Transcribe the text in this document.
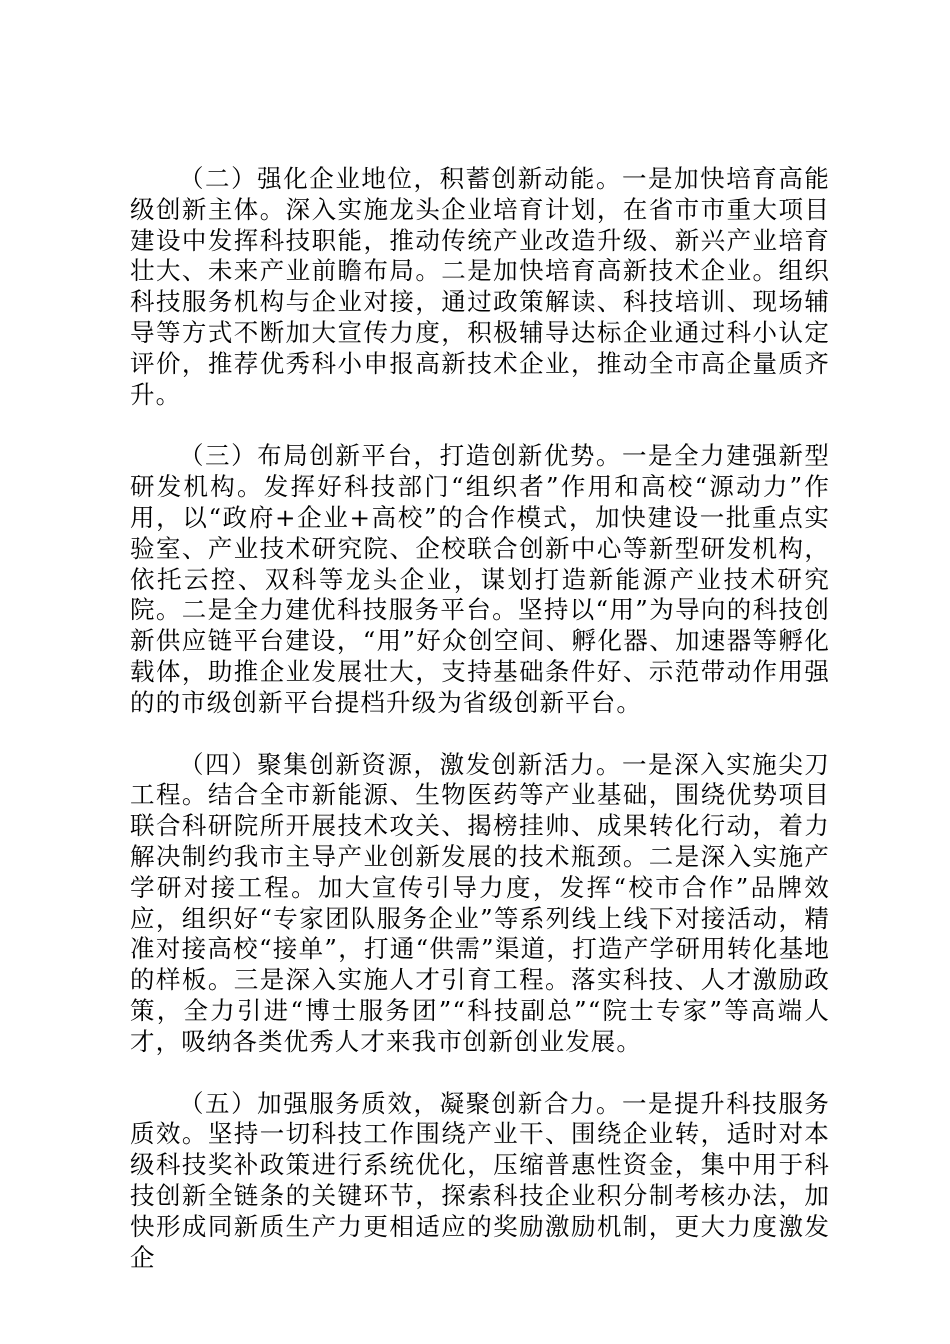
（二）强化企业地位，积蓄创新动能。一是加快培育高能级创新主体。深入实施龙头企业培育计划，在省市市重大项目建设中发挥科技职能，推动传统产业改造升级、新兴产业培育壮大、未来产业前瞻布局。二是加快培育高新技术企业。组织科技服务机构与企业对接，通过政策解读、科技培训、现场辅导等方式不断加大宣传力度，积极辅导达标企业通过科小认定评价，推荐优秀科小申报高新技术企业，推动全市高企量质齐升。

（三）布局创新平台，打造创新优势。一是全力建强新型研发机构。发挥好科技部门“组织者”作用和高校“源动力”作用，以“政府+企业+高校”的合作模式，加快建设一批重点实验室、产业技术研究院、企校联合创新中心等新型研发机构，依托云控、双科等龙头企业，谋划打造新能源产业技术研究院。二是全力建优科技服务平台。坚持以“用”为导向的科技创新供应链平台建设，“用”好众创空间、孵化器、加速器等孵化载体，助推企业发展壮大，支持基础条件好、示范带动作用强的的市级创新平台提档升级为省级创新平台。

（四）聚集创新资源，激发创新活力。一是深入实施尖刀工程。结合全市新能源、生物医药等产业基础，围绕优势项目联合科研院所开展技术攻关、揭榜挂帅、成果转化行动，着力解决制约我市主导产业创新发展的技术瓶颈。二是深入实施产学研对接工程。加大宣传引导力度，发挥“校市合作”品牌效应，组织好“专家团队服务企业”等系列线上线下对接活动，精准对接高校“接单”，打通“供需”渠道，打造产学研用转化基地的样板。三是深入实施人才引育工程。落实科技、人才激励政策，全力引进“博士服务团”“科技副总”“院士专家”等高端人才，吸纳各类优秀人才来我市创新创业发展。

（五）加强服务质效，凝聚创新合力。一是提升科技服务质效。坚持一切科技工作围绕产业干、围绕企业转，适时对本级科技奖补政策进行系统优化，压缩普惠性资金，集中用于科技创新全链条的关键环节，探索科技企业积分制考核办法，加快形成同新质生产力更相适应的奖励激励机制，更大力度激发企
